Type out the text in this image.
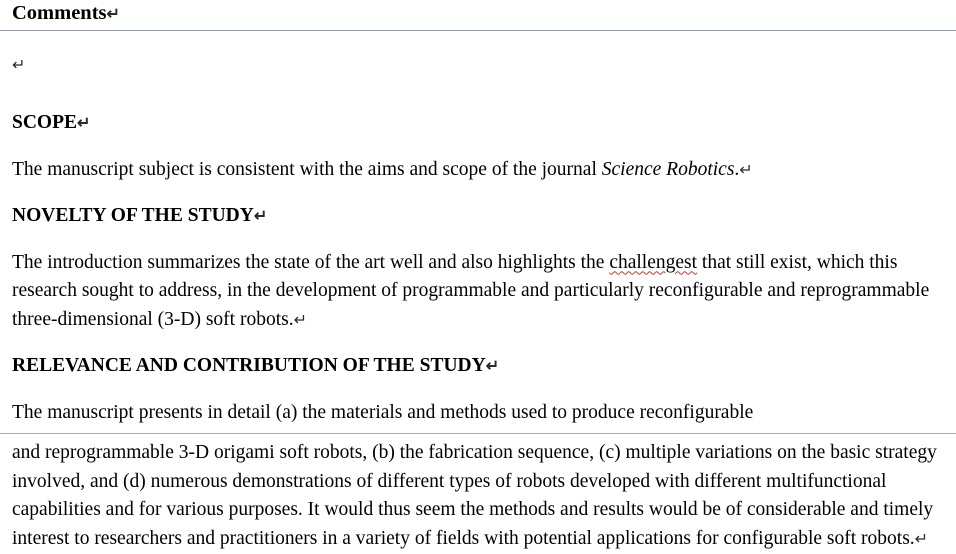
Comments↵

↵

SCOPE↵

The manuscript subject is consistent with the aims and scope of the journal Science Robotics.↵

NOVELTY OF THE STUDY↵

The introduction summarizes the state of the art well and also highlights the challengest that still exist, which this research sought to address, in the development of programmable and particularly reconfigurable and reprogrammable three-dimensional (3-D) soft robots.↵

RELEVANCE AND CONTRIBUTION OF THE STUDY↵

The manuscript presents in detail (a) the materials and methods used to produce reconfigurable

and reprogrammable 3-D origami soft robots, (b) the fabrication sequence, (c) multiple variations on the basic strategy involved, and (d) numerous demonstrations of different types of robots developed with different multifunctional capabilities and for various purposes. It would thus seem the methods and results would be of considerable and timely interest to researchers and practitioners in a variety of fields with potential applications for configurable soft robots.↵
